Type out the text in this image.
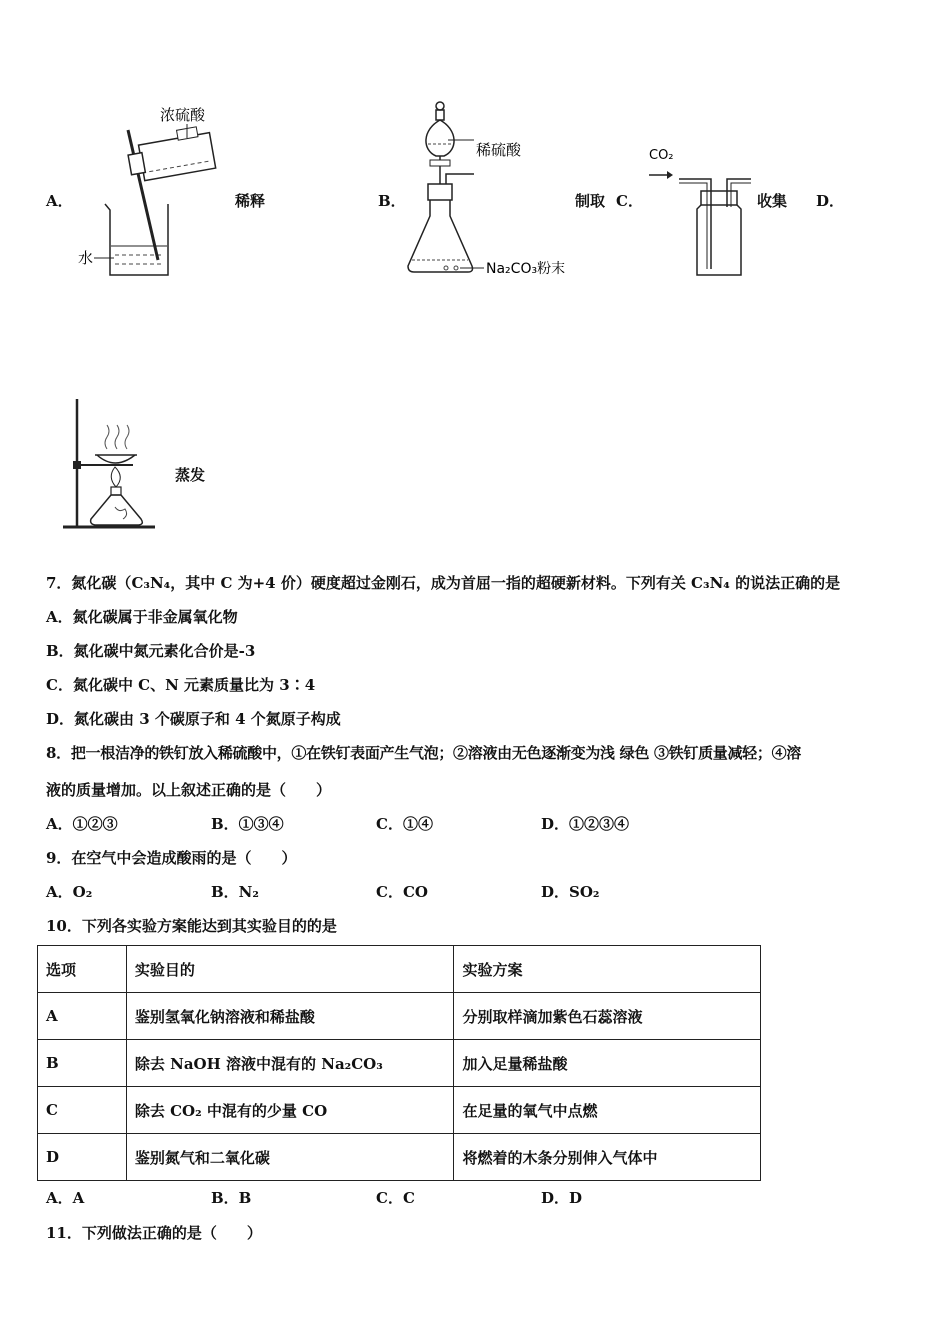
A．
浓硫酸
水
稀释	B．
稀硫酸
Na₂CO₃粉末
制取 C．
CO₂
收集 D．
蒸发
7．氮化碳（C₃N₄，其中 C 为+4 价）硬度超过金刚石，成为首屈一指的超硬新材料。下列有关 C₃N₄ 的说法正确的是
A．氮化碳属于非金属氧化物
B．氮化碳中氮元素化合价是-3
C．氮化碳中 C、N 元素质量比为 3∶4
D．氮化碳由 3 个碳原子和 4 个氮原子构成
8．把一根洁净的铁钉放入稀硫酸中，①在铁钉表面产生气泡；②溶液由无色逐渐变为浅 绿色 ③铁钉质量减轻；④溶
液的质量增加。以上叙述正确的是（　　）
A．①②③	B．①③④	C．①④	D．①②③④
9．在空气中会造成酸雨的是（　　）
A．O₂	B．N₂	C．CO	D．SO₂
10．下列各实验方案能达到其实验目的的是
选项	实验目的	实验方案
A	鉴别氢氧化钠溶液和稀盐酸	分别取样滴加紫色石蕊溶液
B	除去 NaOH 溶液中混有的 Na₂CO₃	加入足量稀盐酸
C	除去 CO₂ 中混有的少量 CO	在足量的氧气中点燃
D	鉴别氮气和二氧化碳	将燃着的木条分别伸入气体中
A．A	B．B	C．C	D．D
11．下列做法正确的是（　　）
